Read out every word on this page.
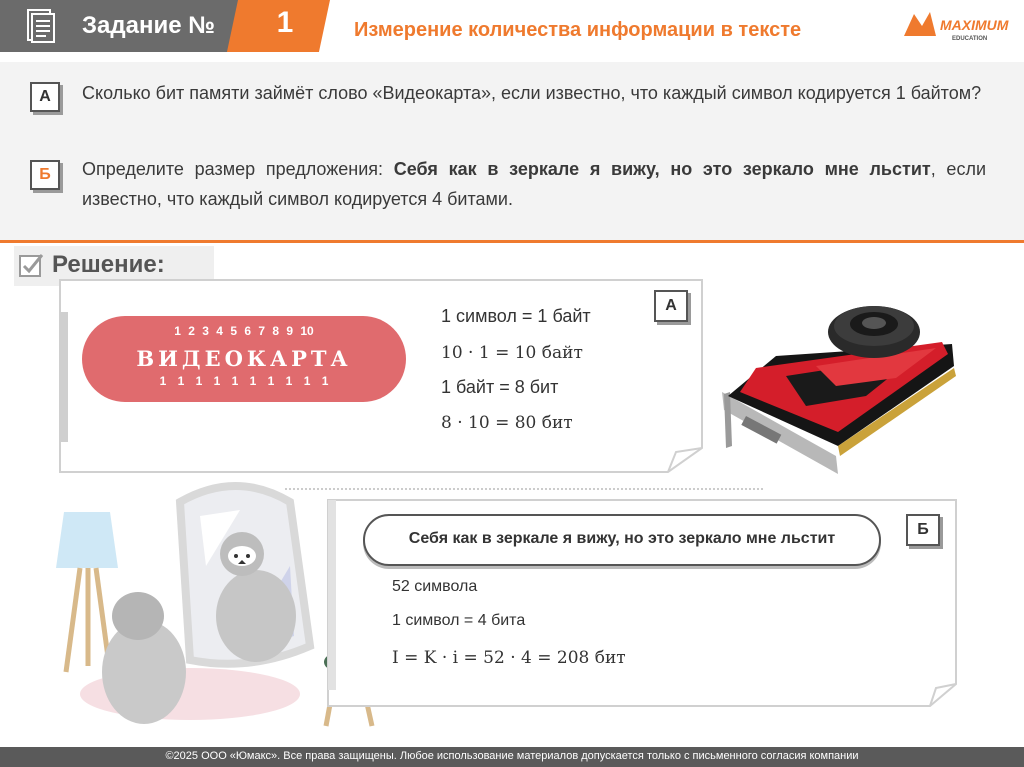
Задание №	1	Измерение количества информации в тексте	MAXIMUM
EDUCATION
А	Сколько бит памяти займёт слово «Видеокарта», если известно, что каждый символ кодируется 1 байтом?
Б	Определите размер предложения: Себя как в зеркале я вижу, но это зеркало мне льстит, если известно, что каждый символ кодируется 4 битами.
Решение:
1 2 3 4 5 6 7 8 9 10
ВИДЕОКАРТА
1 1 1 1 1 1 1 1 1 1
1 символ = 1 байт
10 · 1 = 10 байт
1 байт = 8 бит
8 · 10 = 80 бит
А
Себя как в зеркале я вижу, но это зеркало мне льстит
Б
52 символа
1 символ = 4 бита
I = K · i = 52 · 4 = 208 бит
©2025 ООО «Юмакс». Все права защищены. Любое использование материалов допускается только с письменного согласия компании
